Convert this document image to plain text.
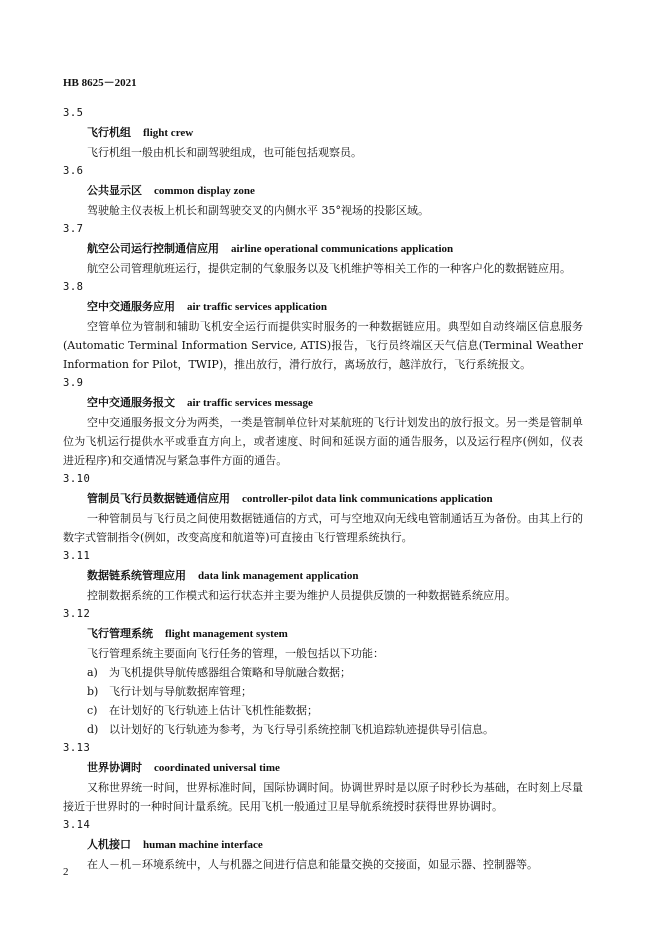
HB 8625－2021
3.5
飞行机组 flight crew
飞行机组一般由机长和副驾驶组成，也可能包括观察员。
3.6
公共显示区 common display zone
驾驶舱主仪表板上机长和副驾驶交叉的内侧水平 35°视场的投影区域。
3.7
航空公司运行控制通信应用 airline operational communications application
航空公司管理航班运行，提供定制的气象服务以及飞机维护等相关工作的一种客户化的数据链应用。
3.8
空中交通服务应用 air traffic services application
空管单位为管制和辅助飞机安全运行而提供实时服务的一种数据链应用。典型如自动终端区信息服务(Automatic Terminal Information Service, ATIS)报告，飞行员终端区天气信息(Terminal Weather Information for Pilot，TWIP)，推出放行，滑行放行，离场放行，越洋放行，飞行系统报文。
3.9
空中交通服务报文 air traffic services message
空中交通服务报文分为两类，一类是管制单位针对某航班的飞行计划发出的放行报文。另一类是管制单位为飞机运行提供水平或垂直方向上，或者速度、时间和延误方面的通告服务，以及运行程序(例如，仪表进近程序)和交通情况与紧急事件方面的通告。
3.10
管制员飞行员数据链通信应用 controller-pilot data link communications application
一种管制员与飞行员之间使用数据链通信的方式，可与空地双向无线电管制通话互为备份。由其上行的数字式管制指令(例如，改变高度和航道等)可直接由飞行管理系统执行。
3.11
数据链系统管理应用 data link management application
控制数据系统的工作模式和运行状态并主要为维护人员提供反馈的一种数据链系统应用。
3.12
飞行管理系统 flight management system
飞行管理系统主要面向飞行任务的管理，一般包括以下功能：
a) 为飞机提供导航传感器组合策略和导航融合数据；
b) 飞行计划与导航数据库管理；
c) 在计划好的飞行轨迹上估计飞机性能数据；
d) 以计划好的飞行轨迹为参考，为飞行导引系统控制飞机追踪轨迹提供导引信息。
3.13
世界协调时 coordinated universal time
又称世界统一时间，世界标准时间，国际协调时间。协调世界时是以原子时秒长为基础，在时刻上尽量接近于世界时的一种时间计量系统。民用飞机一般通过卫星导航系统授时获得世界协调时。
3.14
人机接口 human machine interface
在人－机－环境系统中，人与机器之间进行信息和能量交换的交接面，如显示器、控制器等。
2
